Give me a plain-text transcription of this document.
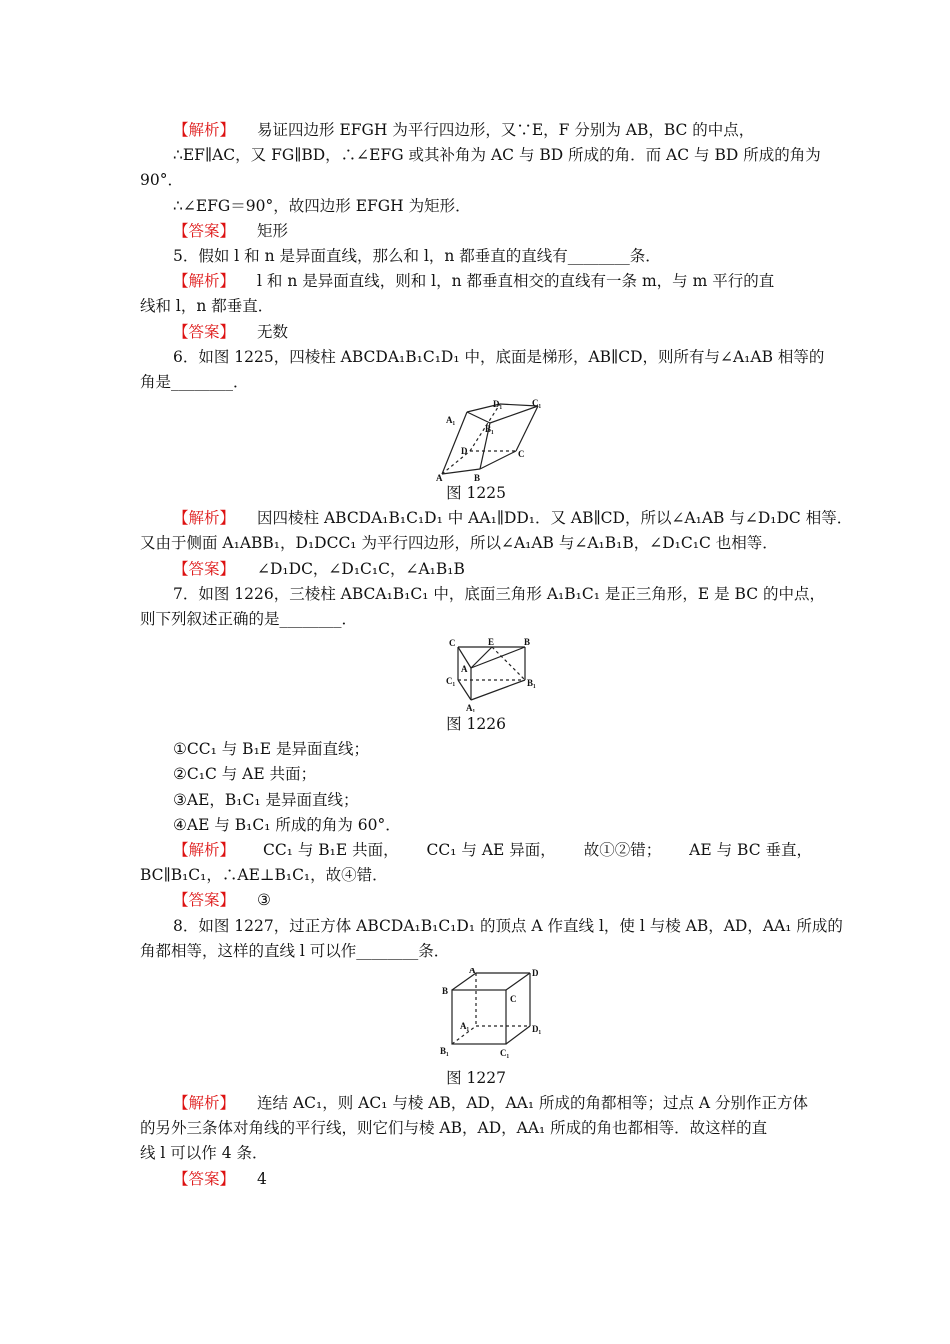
【解析】 易证四边形 EFGH 为平行四边形，又∵E，F 分别为 AB，BC 的中点，
∴EF∥AC，又 FG∥BD，∴∠EFG 或其补角为 AC 与 BD 所成的角．而 AC 与 BD 所成的角为
90°．
∴∠EFG＝90°，故四边形 EFGH 为矩形．
【答案】 矩形
5．假如 l 和 n 是异面直线，那么和 l，n 都垂直的直线有________条．
【解析】 l 和 n 是异面直线，则和 l，n 都垂直相交的直线有一条 m，与 m 平行的直
线和 l，n 都垂直．
【答案】 无数
6．如图 1225，四棱柱 ABCDA₁B₁C₁D₁ 中，底面是梯形，AB∥CD，则所有与∠A₁AB 相等的
角是________．
A₁
D₁	C₁
B₁
D	C
A	B
图 1225
【解析】 因四棱柱 ABCDA₁B₁C₁D₁ 中 AA₁∥DD₁．又 AB∥CD，所以∠A₁AB 与∠D₁DC 相等．
又由于侧面 A₁ABB₁，D₁DCC₁ 为平行四边形，所以∠A₁AB 与∠A₁B₁B，∠D₁C₁C 也相等．
【答案】 ∠D₁DC，∠D₁C₁C，∠A₁B₁B
7．如图 1226，三棱柱 ABCA₁B₁C₁ 中，底面三角形 A₁B₁C₁ 是正三角形，E 是 BC 的中点，
则下列叙述正确的是________．
C	E	B
A
C₁	B₁
A₁
图 1226
①CC₁ 与 B₁E 是异面直线；
②C₁C 与 AE 共面；
③AE，B₁C₁ 是异面直线；
④AE 与 B₁C₁ 所成的角为 60°．
【解析】 CC₁ 与 B₁E 共面， CC₁ 与 AE 异面， 故①②错； AE 与 BC 垂直，
BC∥B₁C₁，∴AE⊥B₁C₁，故④错．
【答案】 ③
8．如图 1227，过正方体 ABCDA₁B₁C₁D₁ 的顶点 A 作直线 l，使 l 与棱 AB，AD，AA₁ 所成的
角都相等，这样的直线 l 可以作________条．
A	D
B
C
A₁	D₁
B₁	C₁
图 1227
【解析】 连结 AC₁，则 AC₁ 与棱 AB，AD，AA₁ 所成的角都相等；过点 A 分别作正方体
的另外三条体对角线的平行线，则它们与棱 AB，AD，AA₁ 所成的角也都相等．故这样的直
线 l 可以作 4 条．
【答案】 4
